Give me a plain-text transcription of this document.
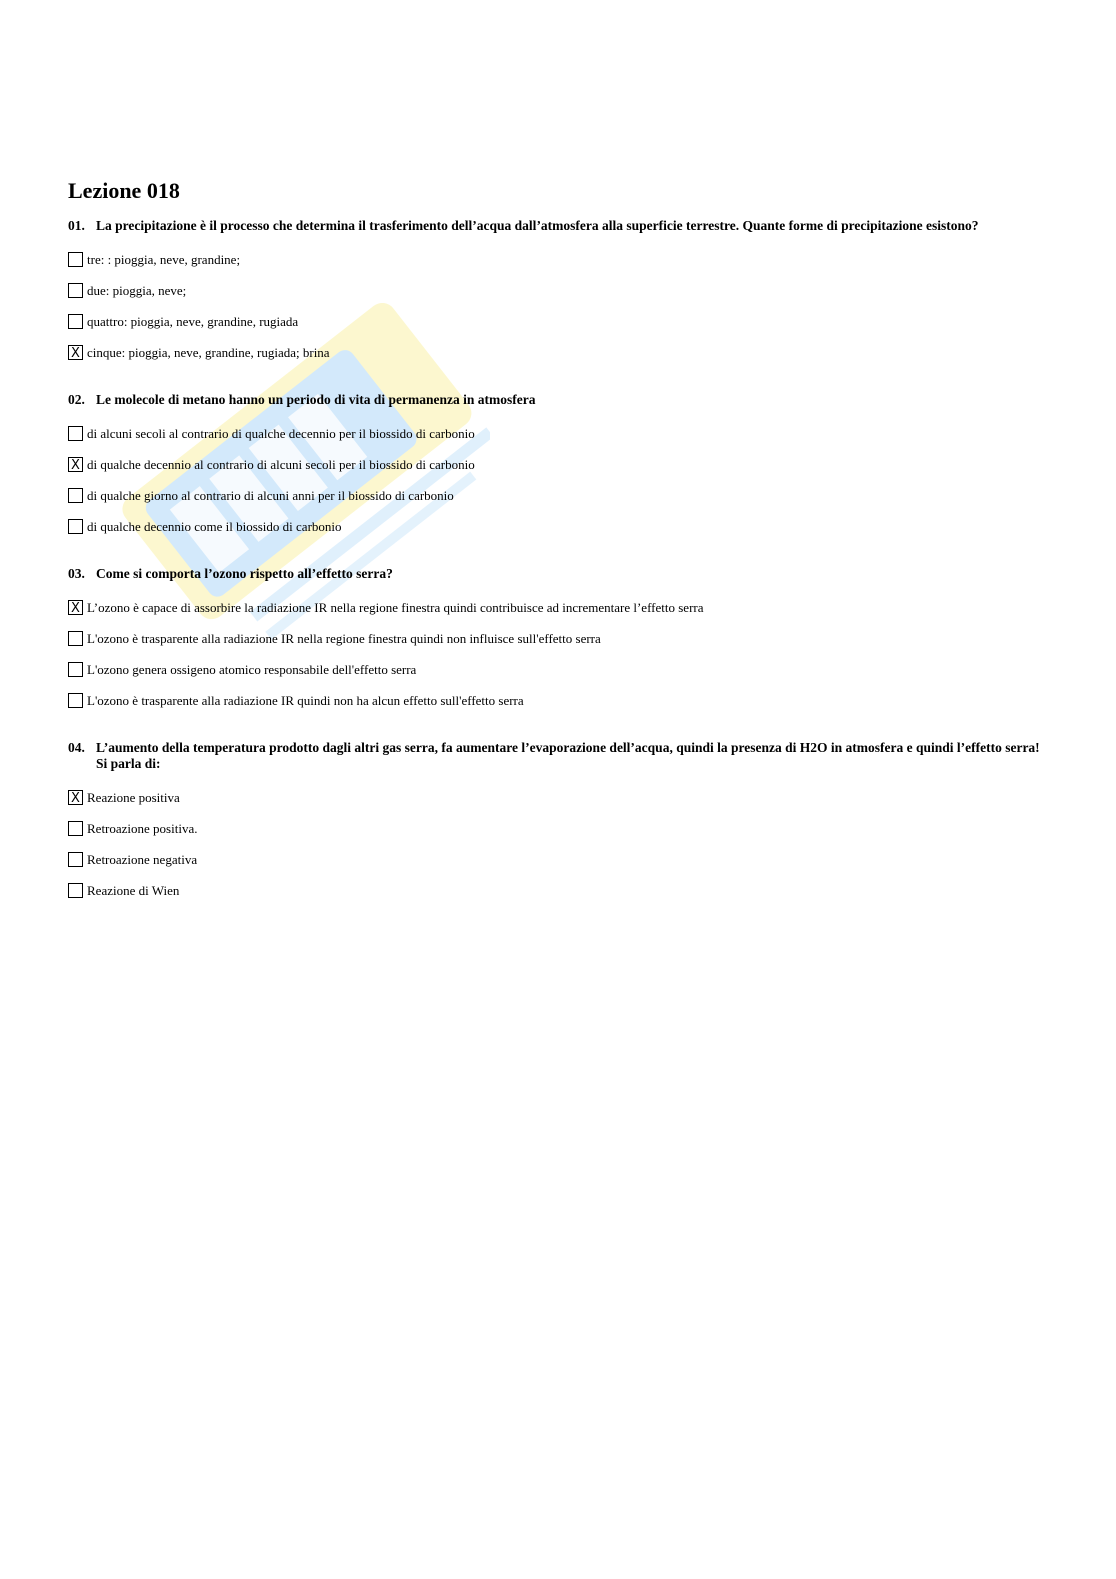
Lezione 018
01. La precipitazione è il processo che determina il trasferimento dell’acqua dall’atmosfera alla superficie terrestre. Quante forme di precipitazione esistono?
tre: : pioggia, neve, grandine;
due: pioggia, neve;
quattro: pioggia, neve, grandine, rugiada
X cinque: pioggia, neve, grandine, rugiada; brina
02. Le molecole di metano hanno un periodo di vita di permanenza in atmosfera
di alcuni secoli al contrario di qualche decennio per il biossido di carbonio
X di qualche decennio al contrario di alcuni secoli per il biossido di carbonio
di qualche giorno al contrario di alcuni anni per il biossido di carbonio
di qualche decennio come il biossido di carbonio
03. Come si comporta l’ozono rispetto all’effetto serra?
X L’ozono è capace di assorbire la radiazione IR nella regione finestra quindi contribuisce ad incrementare l’effetto serra
L'ozono è trasparente alla radiazione IR nella regione finestra quindi non influisce sull'effetto serra
L'ozono genera ossigeno atomico responsabile dell'effetto serra
L'ozono è trasparente alla radiazione IR quindi non ha alcun effetto sull'effetto serra
04. L’aumento della temperatura prodotto dagli altri gas serra, fa aumentare l’evaporazione dell’acqua, quindi la presenza di H2O in atmosfera e quindi l’effetto serra! Si parla di:
X Reazione positiva
Retroazione positiva.
Retroazione negativa
Reazione di Wien
